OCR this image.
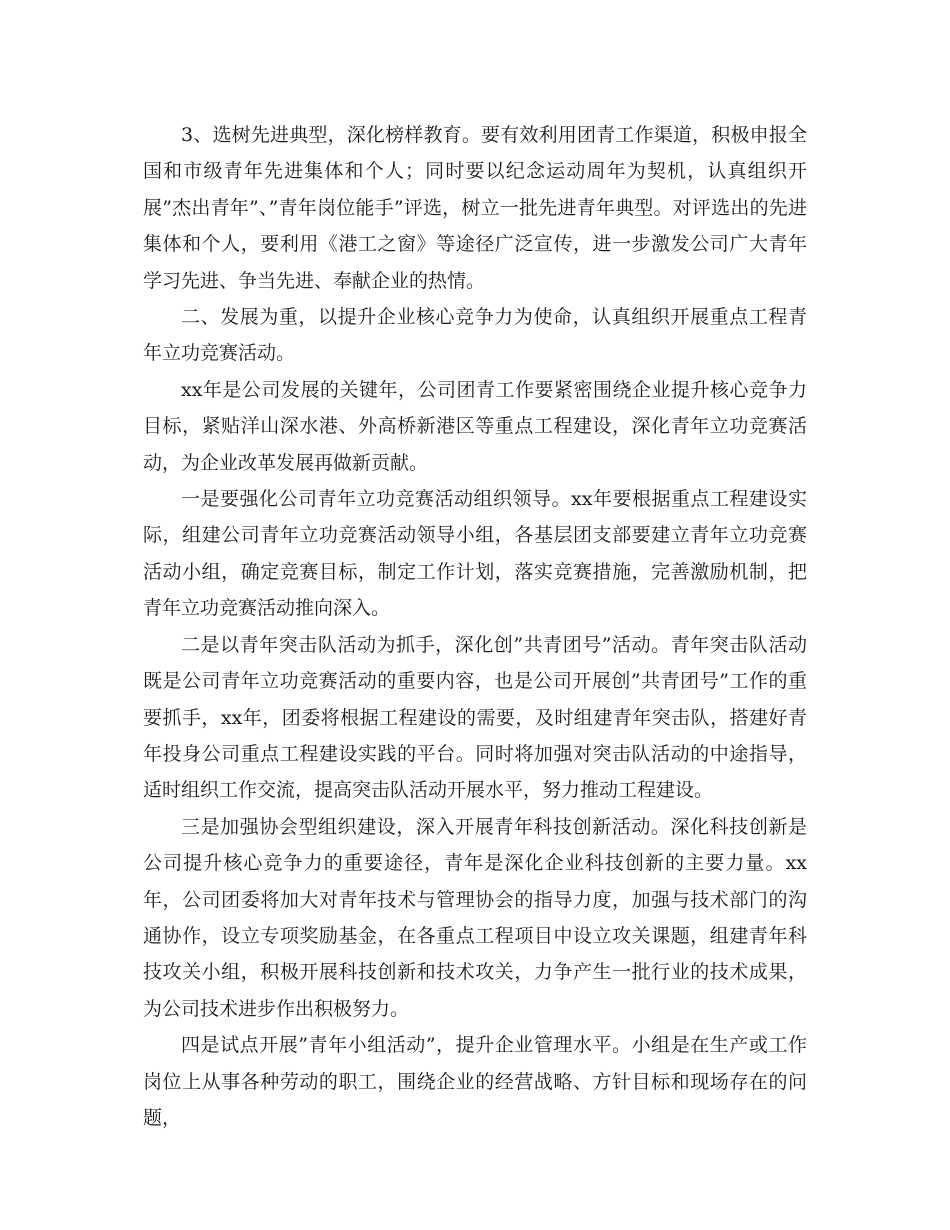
3、选树先进典型，深化榜样教育。要有效利用团青工作渠道，积极申报全国和市级青年先进集体和个人；同时要以纪念运动周年为契机，认真组织开展”杰出青年”、”青年岗位能手”评选，树立一批先进青年典型。对评选出的先进集体和个人，要利用《港工之窗》等途径广泛宣传，进一步激发公司广大青年学习先进、争当先进、奉献企业的热情。

二、发展为重，以提升企业核心竞争力为使命，认真组织开展重点工程青年立功竞赛活动。

xx年是公司发展的关键年，公司团青工作要紧密围绕企业提升核心竞争力目标，紧贴洋山深水港、外高桥新港区等重点工程建设，深化青年立功竞赛活动，为企业改革发展再做新贡献。

一是要强化公司青年立功竞赛活动组织领导。xx年要根据重点工程建设实际，组建公司青年立功竞赛活动领导小组，各基层团支部要建立青年立功竞赛活动小组，确定竞赛目标，制定工作计划，落实竞赛措施，完善激励机制，把青年立功竞赛活动推向深入。

二是以青年突击队活动为抓手，深化创”共青团号”活动。青年突击队活动既是公司青年立功竞赛活动的重要内容，也是公司开展创”共青团号”工作的重要抓手，xx年，团委将根据工程建设的需要，及时组建青年突击队，搭建好青年投身公司重点工程建设实践的平台。同时将加强对突击队活动的中途指导，适时组织工作交流，提高突击队活动开展水平，努力推动工程建设。

三是加强协会型组织建设，深入开展青年科技创新活动。深化科技创新是公司提升核心竞争力的重要途径，青年是深化企业科技创新的主要力量。xx年，公司团委将加大对青年技术与管理协会的指导力度，加强与技术部门的沟通协作，设立专项奖励基金，在各重点工程项目中设立攻关课题，组建青年科技攻关小组，积极开展科技创新和技术攻关，力争产生一批行业的技术成果，为公司技术进步作出积极努力。

四是试点开展”青年小组活动”，提升企业管理水平。小组是在生产或工作岗位上从事各种劳动的职工，围绕企业的经营战略、方针目标和现场存在的问题，
